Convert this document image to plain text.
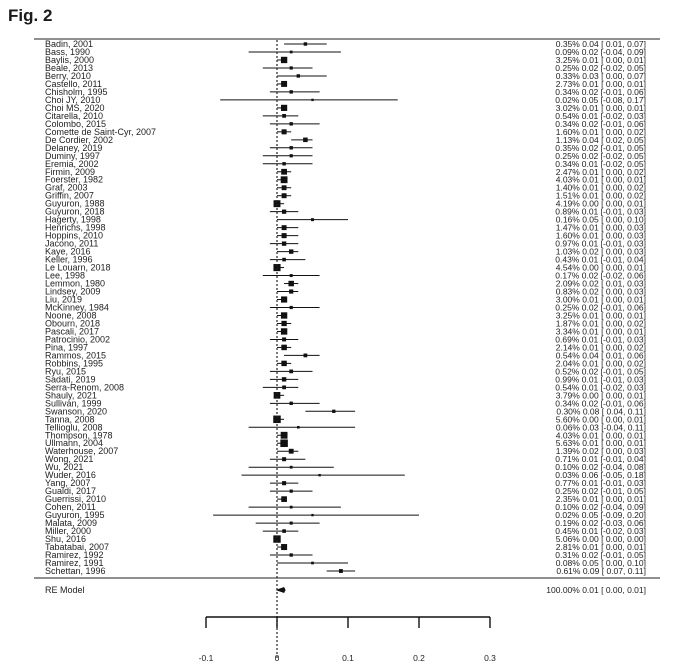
Fig. 2
Badin, 2001	0.35% 0.04 [ 0.01, 0.07]
Bass, 1990	0.09% 0.02 [-0.04, 0.09]
Baylis, 2000	3.25% 0.01 [ 0.00, 0.01]
Beale, 2013	0.25% 0.02 [-0.02, 0.05]
Berry, 2010	0.33% 0.03 [ 0.00, 0.07]
Castello, 2011	2.73% 0.01 [ 0.00, 0.01]
Chisholm, 1995	0.34% 0.02 [-0.01, 0.06]
Choi JY, 2010	0.02% 0.05 [-0.08, 0.17]
Choi MS, 2020	3.02% 0.01 [ 0.00, 0.01]
Citarella, 2010	0.54% 0.01 [-0.02, 0.03]
Colombo, 2015	0.34% 0.02 [-0.01, 0.06]
Comette de Saint-Cyr, 2007	1.60% 0.01 [ 0.00, 0.02]
De Cordier, 2002	1.13% 0.04 [ 0.02, 0.05]
Delaney, 2019	0.35% 0.02 [-0.01, 0.05]
Duminy, 1997	0.25% 0.02 [-0.02, 0.05]
Eremia, 2002	0.34% 0.01 [-0.02, 0.05]
Firmin, 2009	2.47% 0.01 [ 0.00, 0.02]
Foerster, 1982	4.03% 0.01 [ 0.00, 0.01]
Graf, 2003	1.40% 0.01 [ 0.00, 0.02]
Griffin, 2007	1.51% 0.01 [ 0.00, 0.02]
Guyuron, 1988	4.19% 0.00 [ 0.00, 0.01]
Guyuron, 2018	0.89% 0.01 [-0.01, 0.03]
Hagerty, 1998	0.16% 0.05 [ 0.00, 0.10]
Henrichs, 1998	1.47% 0.01 [ 0.00, 0.03]
Hoppins, 2010	1.60% 0.01 [ 0.00, 0.03]
Jacono, 2011	0.97% 0.01 [-0.01, 0.03]
Kaye, 2016	1.03% 0.02 [ 0.00, 0.03]
Keller, 1996	0.43% 0.01 [-0.01, 0.04]
Le Louarn, 2018	4.54% 0.00 [ 0.00, 0.01]
Lee, 1998	0.17% 0.02 [-0.02, 0.06]
Lemmon, 1980	2.09% 0.02 [ 0.01, 0.03]
Lindsey, 2009	0.83% 0.02 [ 0.00, 0.03]
Liu, 2019	3.00% 0.01 [ 0.00, 0.01]
McKinney, 1984	0.25% 0.02 [-0.01, 0.06]
Noone, 2008	3.25% 0.01 [ 0.00, 0.01]
Obourn, 2018	1.87% 0.01 [ 0.00, 0.02]
Pascali, 2017	3.34% 0.01 [ 0.00, 0.01]
Patrocinio, 2002	0.69% 0.01 [-0.01, 0.03]
Pina, 1997	2.14% 0.01 [ 0.00, 0.02]
Rammos, 2015	0.54% 0.04 [ 0.01, 0.06]
Robbins, 1995	2.04% 0.01 [ 0.00, 0.02]
Ryu, 2015	0.52% 0.02 [-0.01, 0.05]
Sadati, 2019	0.99% 0.01 [-0.01, 0.03]
Serra-Renom, 2008	0.54% 0.01 [-0.02, 0.03]
Shauly, 2021	3.79% 0.00 [ 0.00, 0.01]
Sullivan, 1999	0.34% 0.02 [-0.01, 0.06]
Swanson, 2020	0.30% 0.08 [ 0.04, 0.11]
Tanna, 2008	5.60% 0.00 [ 0.00, 0.01]
Tellioglu, 2008	0.06% 0.03 [-0.04, 0.11]
Thompson, 1978	4.03% 0.01 [ 0.00, 0.01]
Ullmann, 2004	5.63% 0.01 [ 0.00, 0.01]
Waterhouse, 2007	1.39% 0.02 [ 0.00, 0.03]
Wong, 2021	0.71% 0.01 [-0.01, 0.04]
Wu, 2021	0.10% 0.02 [-0.04, 0.08]
Wuder, 2016	0.03% 0.06 [-0.05, 0.18]
Yang, 2007	0.77% 0.01 [-0.01, 0.03]
Gualdi, 2017	0.25% 0.02 [-0.01, 0.05]
Guerrissi, 2010	2.35% 0.01 [ 0.00, 0.01]
Cohen, 2011	0.10% 0.02 [-0.04, 0.09]
Guyuron, 1995	0.02% 0.05 [-0.09, 0.20]
Malata, 2009	0.19% 0.02 [-0.03, 0.06]
Miller, 2000	0.45% 0.01 [-0.02, 0.03]
Shu, 2016	5.06% 0.00 [ 0.00, 0.00]
Tabatabai, 2007	2.81% 0.01 [ 0.00, 0.01]
Ramirez, 1992	0.31% 0.02 [-0.01, 0.05]
Ramirez, 1991	0.08% 0.05 [ 0.00, 0.10]
Schettan, 1996	0.61% 0.09 [ 0.07, 0.11]
RE Model	100.00% 0.01 [ 0.00, 0.01]
-0.1	0	0.1	0.2	0.3
